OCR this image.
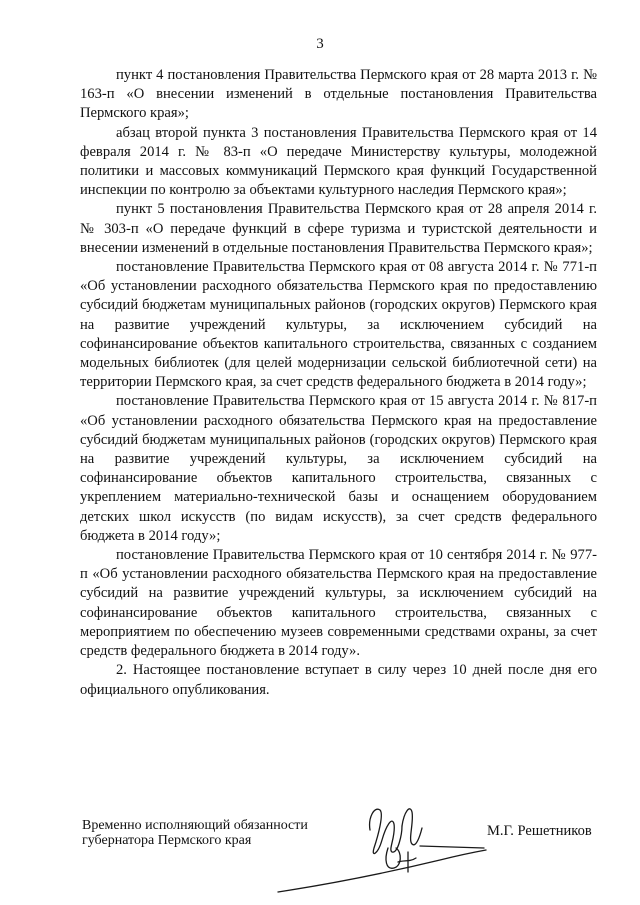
3

пункт 4 постановления Правительства Пермского края от 28 марта 2013 г. № 163-п «О внесении изменений в отдельные постановления Правительства Пермского края»;

абзац второй пункта 3 постановления Правительства Пермского края от 14 февраля 2014 г. № 83-п «О передаче Министерству культуры, молодежной политики и массовых коммуникаций Пермского края функций Государственной инспекции по контролю за объектами культурного наследия Пермского края»;

пункт 5 постановления Правительства Пермского края от 28 апреля 2014 г. № 303-п «О передаче функций в сфере туризма и туристской деятельности и внесении изменений в отдельные постановления Правительства Пермского края»;

постановление Правительства Пермского края от 08 августа 2014 г. № 771-п «Об установлении расходного обязательства Пермского края по предоставлению субсидий бюджетам муниципальных районов (городских округов) Пермского края на развитие учреждений культуры, за исключением субсидий на софинансирование объектов капитального строительства, связанных с созданием модельных библиотек (для целей модернизации сельской библиотечной сети) на территории Пермского края, за счет средств федерального бюджета в 2014 году»;

постановление Правительства Пермского края от 15 августа 2014 г. № 817-п «Об установлении расходного обязательства Пермского края на предоставление субсидий бюджетам муниципальных районов (городских округов) Пермского края на развитие учреждений культуры, за исключением субсидий на софинансирование объектов капитального строительства, связанных с укреплением материально-технической базы и оснащением оборудованием детских школ искусств (по видам искусств), за счет средств федерального бюджета в 2014 году»;

постановление Правительства Пермского края от 10 сентября 2014 г. № 977-п «Об установлении расходного обязательства Пермского края на предоставление субсидий на развитие учреждений культуры, за исключением субсидий на софинансирование объектов капитального строительства, связанных с мероприятием по обеспечению музеев современными средствами охраны, за счет средств федерального бюджета в 2014 году».

2. Настоящее постановление вступает в силу через 10 дней после дня его официального опубликования.

Временно исполняющий обязанности
губернатора Пермского края
М.Г. Решетников
